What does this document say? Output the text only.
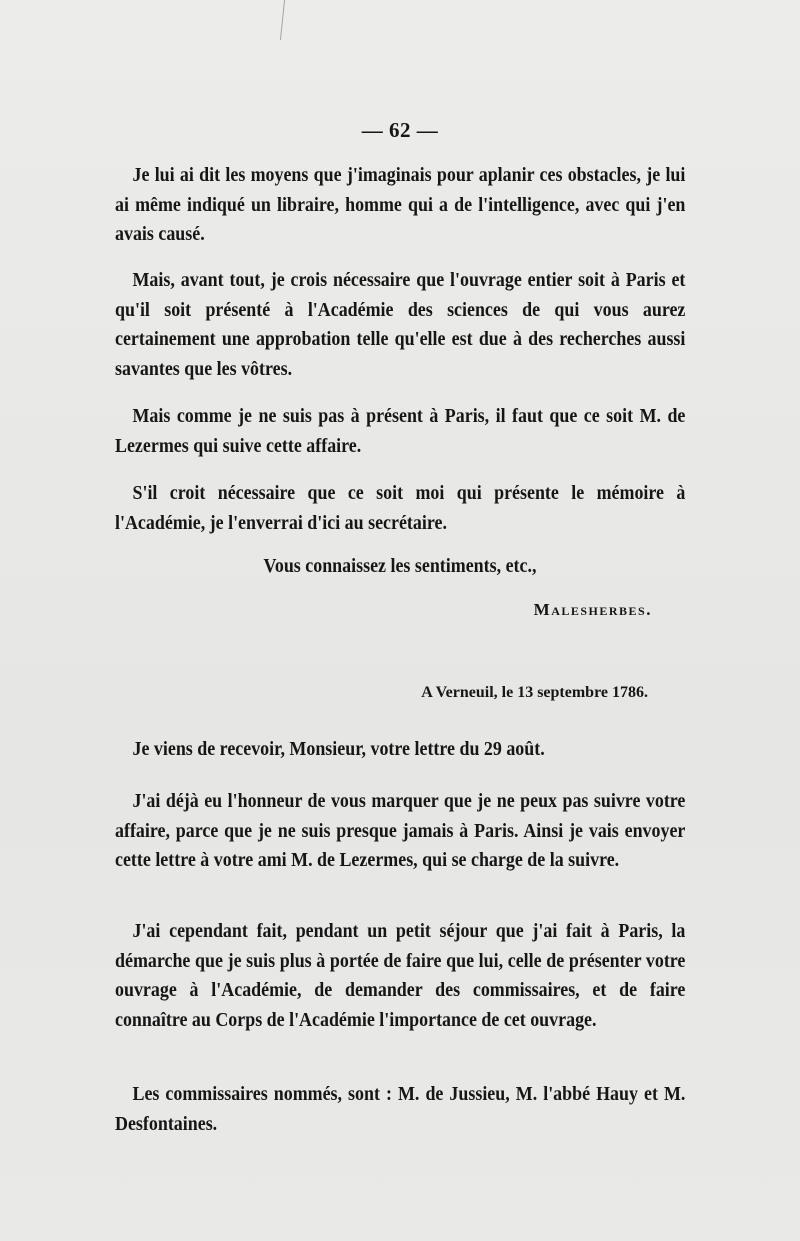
— 62 —

Je lui ai dit les moyens que j'imaginais pour aplanir ces obstacles, je lui ai même indiqué un libraire, homme qui a de l'intelligence, avec qui j'en avais causé.

Mais, avant tout, je crois nécessaire que l'ouvrage entier soit à Paris et qu'il soit présenté à l'Académie des sciences de qui vous aurez certainement une approbation telle qu'elle est due à des recherches aussi savantes que les vôtres.

Mais comme je ne suis pas à présent à Paris, il faut que ce soit M. de Lezermes qui suive cette affaire.

S'il croit nécessaire que ce soit moi qui présente le mémoire à l'Académie, je l'enverrai d'ici au secrétaire.

Vous connaissez les sentiments, etc.,
Malesherbes.
A Verneuil, le 13 septembre 1786.

Je viens de recevoir, Monsieur, votre lettre du 29 août.

J'ai déjà eu l'honneur de vous marquer que je ne peux pas suivre votre affaire, parce que je ne suis presque jamais à Paris. Ainsi je vais envoyer cette lettre à votre ami M. de Lezermes, qui se charge de la suivre.

J'ai cependant fait, pendant un petit séjour que j'ai fait à Paris, la démarche que je suis plus à portée de faire que lui, celle de présenter votre ouvrage à l'Académie, de demander des commissaires, et de faire connaître au Corps de l'Académie l'importance de cet ouvrage.

Les commissaires nommés, sont : M. de Jussieu, M. l'abbé Hauy et M. Desfontaines.
